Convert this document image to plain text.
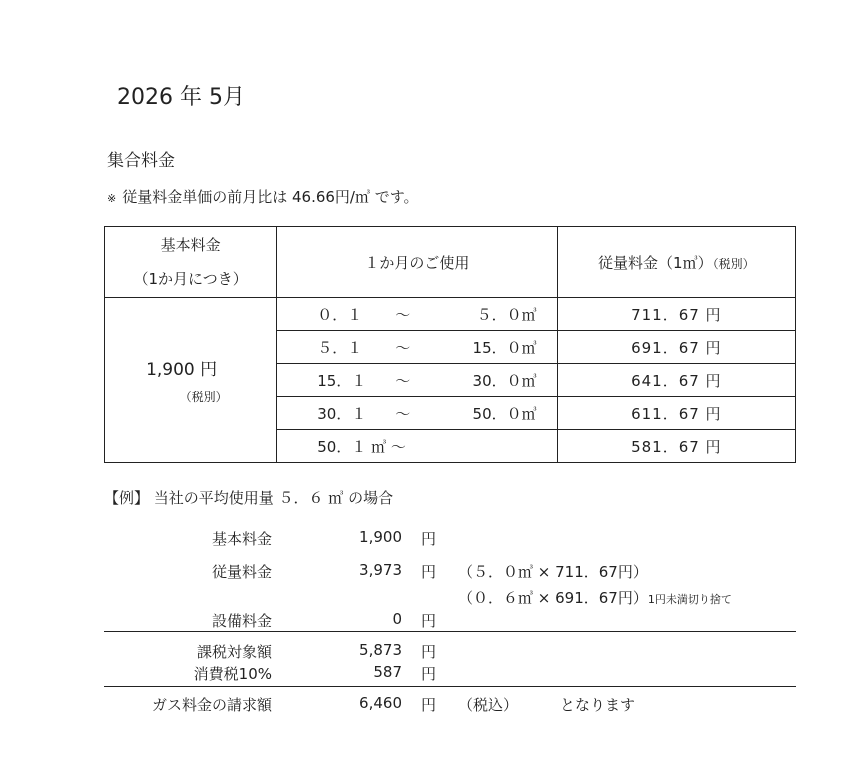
2026 年 5月
集合料金
※ 従量料金単価の前月比は 46.66円/㎥ です。
基本料金
（1か月につき）	１か月のご使用	従量料金（1㎥）（税別）

1,900 円
（税別）	０．１ ～ ５．０㎥	711．67 円

	５．１ ～ 15．０㎥	691．67 円

	15．１ ～ 30．０㎥	641．67 円

	30．１ ～ 50．０㎥	611．67 円

	50．１ ㎥ ～	581．67 円
【例】 当社の平均使用量 ５．６ ㎥ の場合
基本料金	1,900 円
従量料金	3,973 円 （５．０㎥ × 711．67円）
（０．６㎥ × 691．67円）1円未満切り捨て
設備料金	0 円
課税対象額	5,873 円
消費税10%	587 円
ガス料金の請求額	6,460 円 （税込）	となります
